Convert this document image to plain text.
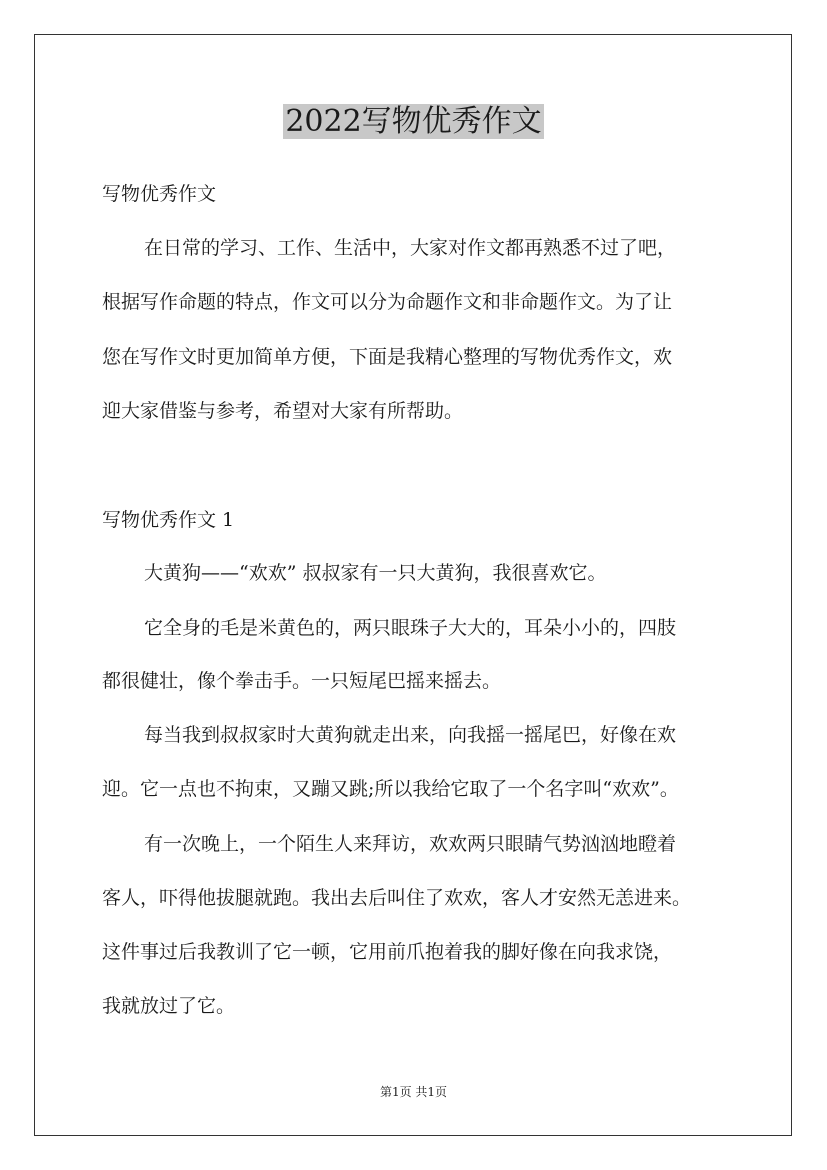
2022写物优秀作文
写物优秀作文
在日常的学习、工作、生活中，大家对作文都再熟悉不过了吧，
根据写作命题的特点，作文可以分为命题作文和非命题作文。为了让
您在写作文时更加简单方便，下面是我精心整理的写物优秀作文，欢
迎大家借鉴与参考，希望对大家有所帮助。
写物优秀作文 1
大黄狗——“欢欢” 叔叔家有一只大黄狗，我很喜欢它。
它全身的毛是米黄色的，两只眼珠子大大的，耳朵小小的，四肢
都很健壮，像个拳击手。一只短尾巴摇来摇去。
每当我到叔叔家时大黄狗就走出来，向我摇一摇尾巴，好像在欢
迎。它一点也不拘束，又蹦又跳;所以我给它取了一个名字叫“欢欢”。
有一次晚上，一个陌生人来拜访，欢欢两只眼睛气势汹汹地瞪着
客人，吓得他拔腿就跑。我出去后叫住了欢欢，客人才安然无恙进来。
这件事过后我教训了它一顿，它用前爪抱着我的脚好像在向我求饶，
我就放过了它。
第1页 共1页
